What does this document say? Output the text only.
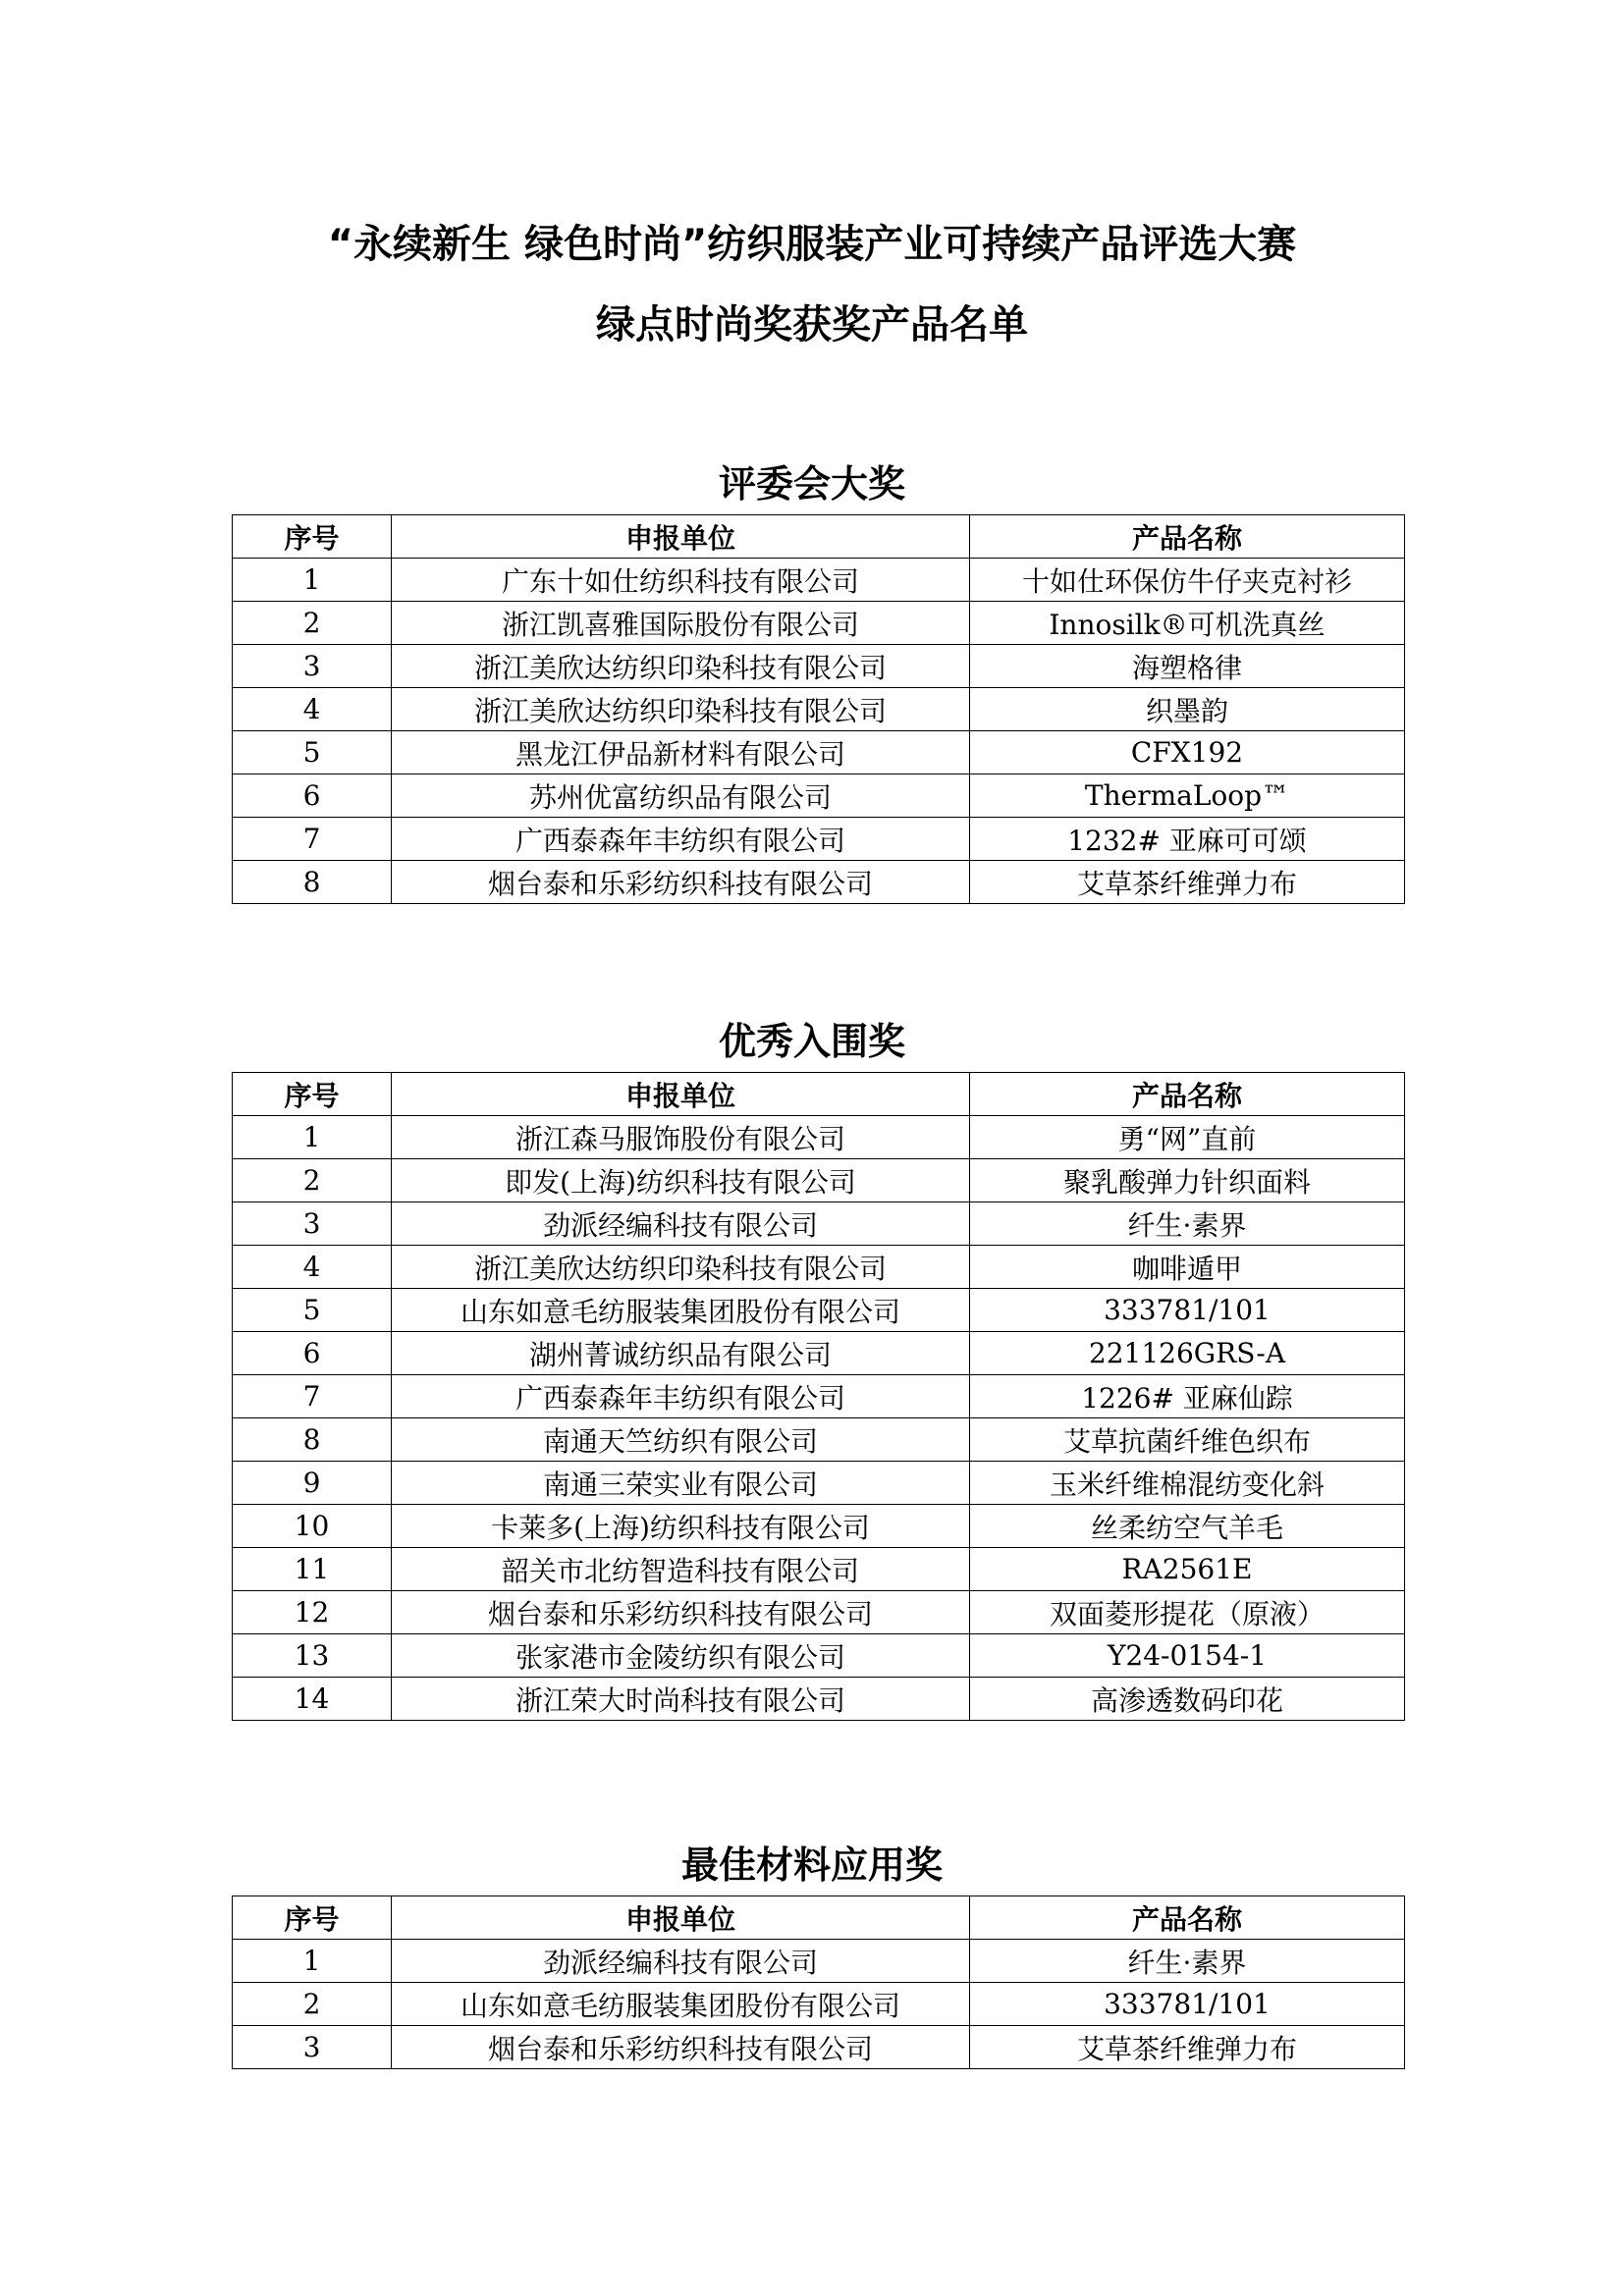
“永续新生 绿色时尚”纺织服装产业可持续产品评选大赛
绿点时尚奖获奖产品名单
评委会大奖
序号	申报单位	产品名称
1	广东十如仕纺织科技有限公司	十如仕环保仿牛仔夹克衬衫
2	浙江凯喜雅国际股份有限公司	Innosilk®可机洗真丝
3	浙江美欣达纺织印染科技有限公司	海塑格律
4	浙江美欣达纺织印染科技有限公司	织墨韵
5	黑龙江伊品新材料有限公司	CFX192
6	苏州优富纺织品有限公司	ThermaLoop™
7	广西泰森年丰纺织有限公司	1232# 亚麻可可颂
8	烟台泰和乐彩纺织科技有限公司	艾草茶纤维弹力布
优秀入围奖
序号	申报单位	产品名称
1	浙江森马服饰股份有限公司	勇“网”直前
2	即发(上海)纺织科技有限公司	聚乳酸弹力针织面料
3	劲派经编科技有限公司	纤生·素界
4	浙江美欣达纺织印染科技有限公司	咖啡遁甲
5	山东如意毛纺服装集团股份有限公司	333781/101
6	湖州菁诚纺织品有限公司	221126GRS-A
7	广西泰森年丰纺织有限公司	1226# 亚麻仙踪
8	南通天竺纺织有限公司	艾草抗菌纤维色织布
9	南通三荣实业有限公司	玉米纤维棉混纺变化斜
10	卡莱多(上海)纺织科技有限公司	丝柔纺空气羊毛
11	韶关市北纺智造科技有限公司	RA2561E
12	烟台泰和乐彩纺织科技有限公司	双面菱形提花（原液）
13	张家港市金陵纺织有限公司	Y24-0154-1
14	浙江荣大时尚科技有限公司	高渗透数码印花
最佳材料应用奖
序号	申报单位	产品名称
1	劲派经编科技有限公司	纤生·素界
2	山东如意毛纺服装集团股份有限公司	333781/101
3	烟台泰和乐彩纺织科技有限公司	艾草茶纤维弹力布
